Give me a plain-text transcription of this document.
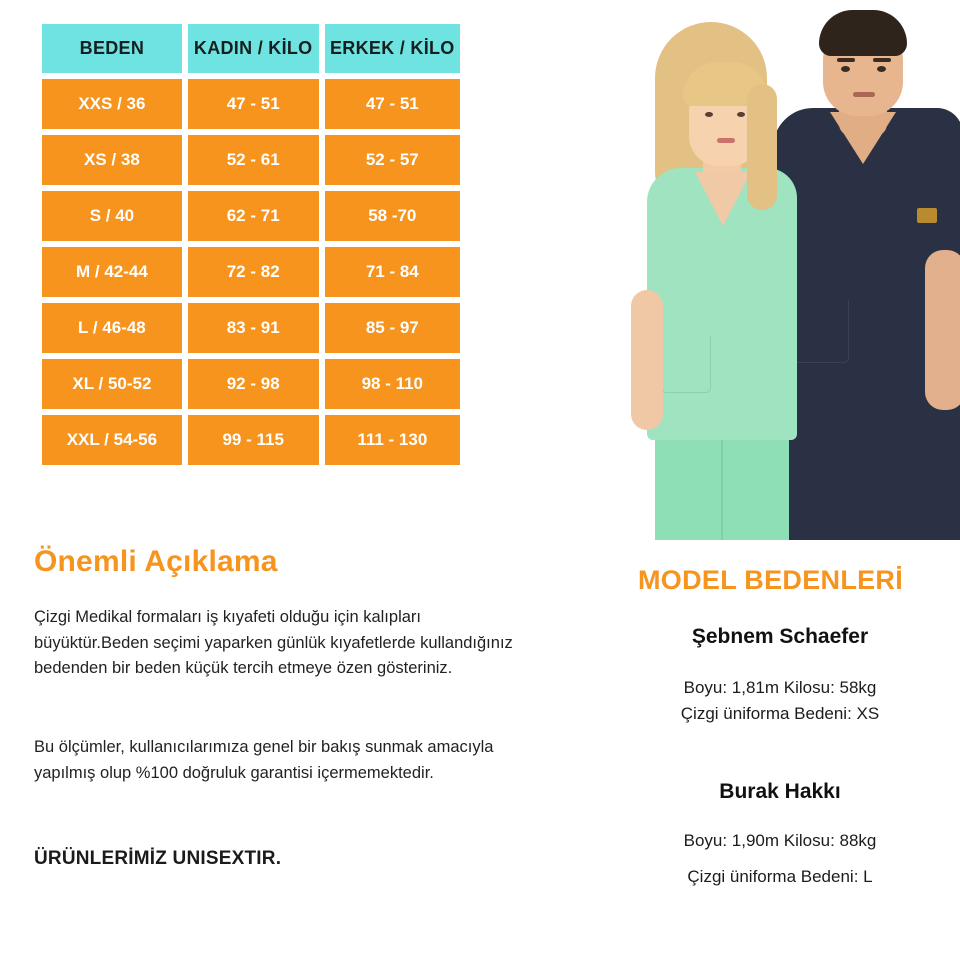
BEDEN	KADIN / KİLO	ERKEK / KİLO
XXS / 36	47 - 51	47 - 51
XS / 38	52 - 61	52 - 57
S / 40	62 - 71	58 -70
M / 42-44	72 - 82	71 - 84
L / 46-48	83 - 91	85 - 97
XL / 50-52	92 - 98	98 - 110
XXL / 54-56	99 - 115	111 - 130
Önemli Açıklama
Çizgi Medikal formaları iş kıyafeti olduğu için kalıpları büyüktür.Beden seçimi yaparken günlük kıyafetlerde kullandığınız bedenden bir beden küçük tercih etmeye özen gösteriniz.
Bu ölçümler, kullanıcılarımıza genel bir bakış sunmak amacıyla yapılmış olup %100 doğruluk garantisi içermemektedir.
ÜRÜNLERİMİZ UNISEXTIR.
MODEL BEDENLERİ
Şebnem Schaefer
Boyu: 1,81m Kilosu: 58kg
Çizgi üniforma Bedeni: XS
Burak Hakkı
Boyu: 1,90m Kilosu: 88kg
Çizgi üniforma Bedeni: L
